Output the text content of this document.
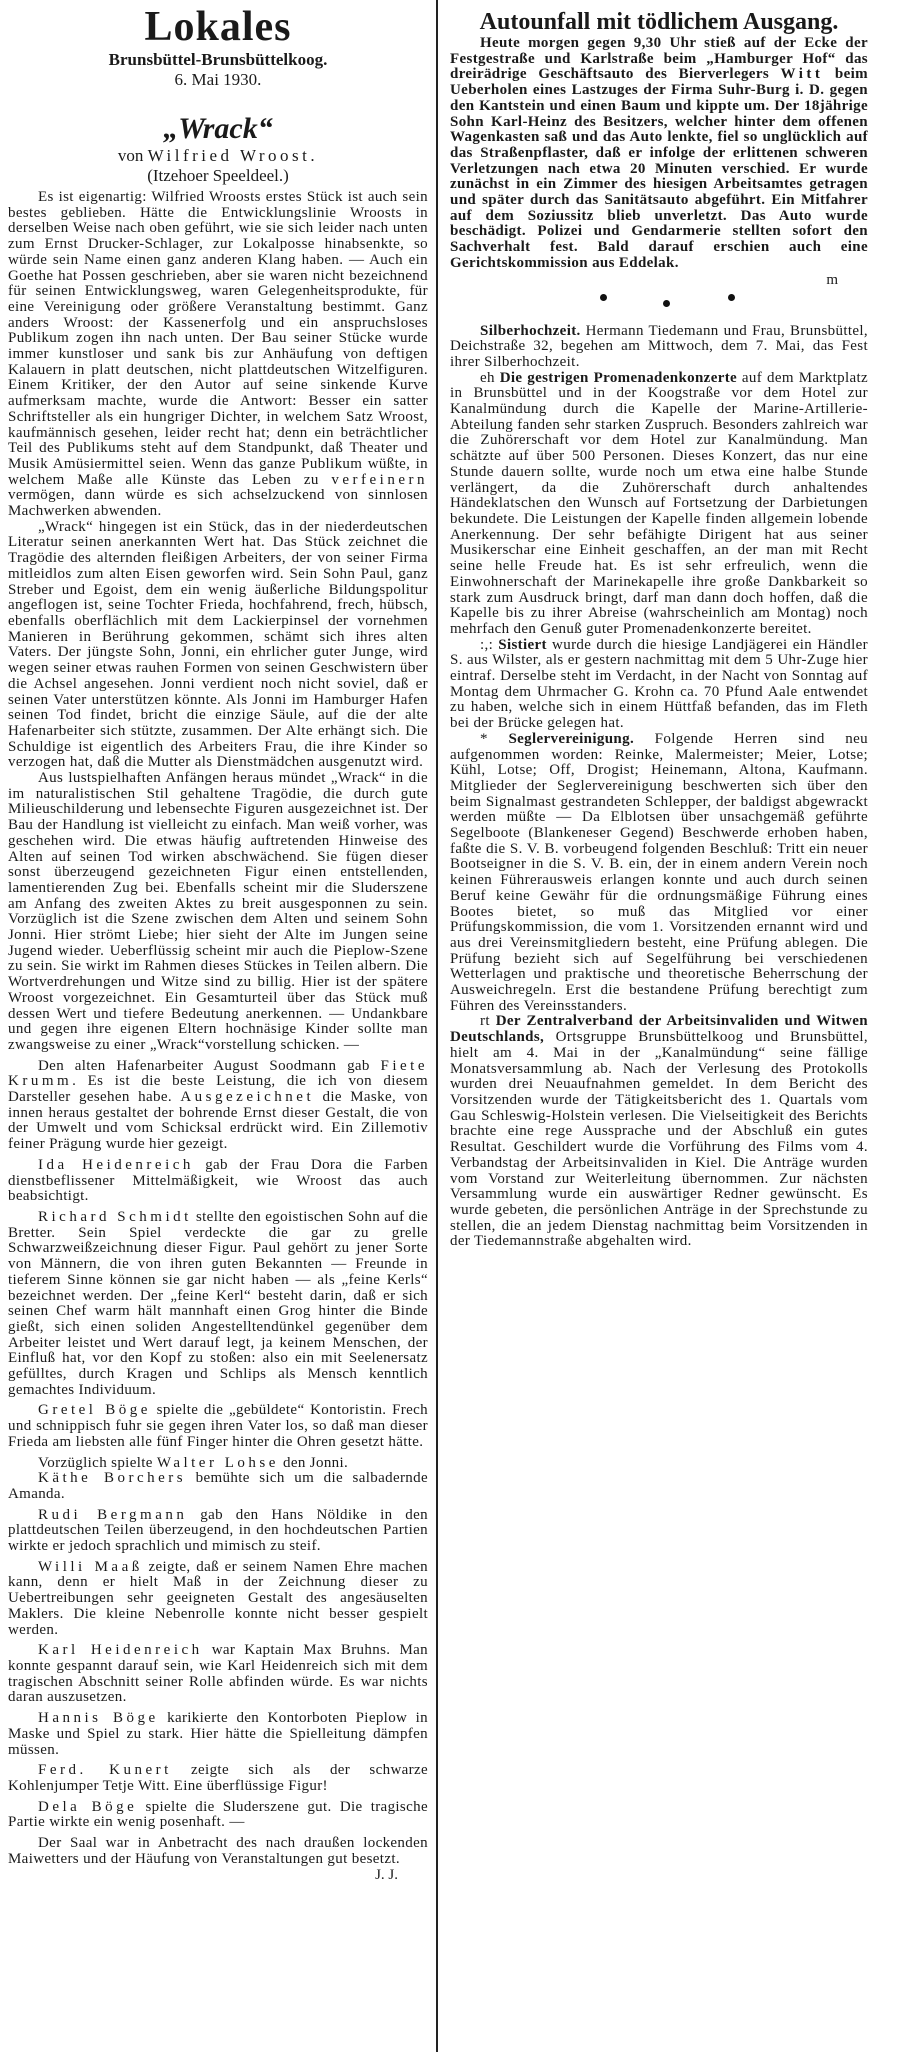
Lokales
Brunsbüttel-Brunsbüttelkoog.
6. Mai 1930.
„Wrack“
von Wilfried Wroost.
(Itzehoer Speeldeel.)

Es ist eigenartig: Wilfried Wroosts erstes Stück ist auch sein bestes geblieben. Hätte die Entwicklungslinie Wroosts in derselben Weise nach oben geführt, wie sie sich leider nach unten zum Ernst Drucker-Schlager, zur Lokalposse hinabsenkte, so würde sein Name einen ganz anderen Klang haben. — Auch ein Goethe hat Possen geschrieben, aber sie waren nicht bezeichnend für seinen Entwicklungsweg, waren Gelegenheitsprodukte, für eine Vereinigung oder größere Veranstaltung bestimmt. Ganz anders Wroost: der Kassenerfolg und ein anspruchsloses Publikum zogen ihn nach unten. Der Bau seiner Stücke wurde immer kunstloser und sank bis zur Anhäufung von deftigen Kalauern in platt deutschen, nicht plattdeutschen Witzelfiguren. Einem Kritiker, der den Autor auf seine sinkende Kurve aufmerksam machte, wurde die Antwort: Besser ein satter Schriftsteller als ein hungriger Dichter, in welchem Satz Wroost, kaufmännisch gesehen, leider recht hat; denn ein beträchtlicher Teil des Publikums steht auf dem Standpunkt, daß Theater und Musik Amüsiermittel seien. Wenn das ganze Publikum wüßte, in welchem Maße alle Künste das Leben zu verfeinern vermögen, dann würde es sich achselzuckend von sinnlosen Machwerken abwenden.

„Wrack“ hingegen ist ein Stück, das in der niederdeutschen Literatur seinen anerkannten Wert hat. Das Stück zeichnet die Tragödie des alternden fleißigen Arbeiters, der von seiner Firma mitleidlos zum alten Eisen geworfen wird. Sein Sohn Paul, ganz Streber und Egoist, dem ein wenig äußerliche Bildungspolitur angeflogen ist, seine Tochter Frieda, hochfahrend, frech, hübsch, ebenfalls oberflächlich mit dem Lackierpinsel der vornehmen Manieren in Berührung gekommen, schämt sich ihres alten Vaters. Der jüngste Sohn, Jonni, ein ehrlicher guter Junge, wird wegen seiner etwas rauhen Formen von seinen Geschwistern über die Achsel angesehen. Jonni verdient noch nicht soviel, daß er seinen Vater unterstützen könnte. Als Jonni im Hamburger Hafen seinen Tod findet, bricht die einzige Säule, auf die der alte Hafenarbeiter sich stützte, zusammen. Der Alte erhängt sich. Die Schuldige ist eigentlich des Arbeiters Frau, die ihre Kinder so verzogen hat, daß die Mutter als Dienstmädchen ausgenutzt wird.

Aus lustspielhaften Anfängen heraus mündet „Wrack“ in die im naturalistischen Stil gehaltene Tragödie, die durch gute Milieuschilderung und lebensechte Figuren ausgezeichnet ist. Der Bau der Handlung ist vielleicht zu einfach. Man weiß vorher, was geschehen wird. Die etwas häufig auftretenden Hinweise des Alten auf seinen Tod wirken abschwächend. Sie fügen dieser sonst überzeugend gezeichneten Figur einen entstellenden, lamentierenden Zug bei. Ebenfalls scheint mir die Sluderszene am Anfang des zweiten Aktes zu breit ausgesponnen zu sein. Vorzüglich ist die Szene zwischen dem Alten und seinem Sohn Jonni. Hier strömt Liebe; hier sieht der Alte im Jungen seine Jugend wieder. Ueberflüssig scheint mir auch die Pieplow-Szene zu sein. Sie wirkt im Rahmen dieses Stückes in Teilen albern. Die Wortverdrehungen und Witze sind zu billig. Hier ist der spätere Wroost vorgezeichnet. Ein Gesamturteil über das Stück muß dessen Wert und tiefere Bedeutung anerkennen. — Undankbare und gegen ihre eigenen Eltern hochnäsige Kinder sollte man zwangsweise zu einer „Wrack“vorstellung schicken. —

Den alten Hafenarbeiter August Soodmann gab Fiete Krumm. Es ist die beste Leistung, die ich von diesem Darsteller gesehen habe. Ausgezeichnet die Maske, von innen heraus gestaltet der bohrende Ernst dieser Gestalt, die von der Umwelt und vom Schicksal erdrückt wird. Ein Zillemotiv feiner Prägung wurde hier gezeigt.

Ida Heidenreich gab der Frau Dora die Farben dienstbeflissener Mittelmäßigkeit, wie Wroost das auch beabsichtigt.

Richard Schmidt stellte den egoistischen Sohn auf die Bretter. Sein Spiel verdeckte die gar zu grelle Schwarzweißzeichnung dieser Figur. Paul gehört zu jener Sorte von Männern, die von ihren guten Bekannten — Freunde in tieferem Sinne können sie gar nicht haben — als „feine Kerls“ bezeichnet werden. Der „feine Kerl“ besteht darin, daß er sich seinen Chef warm hält mannhaft einen Grog hinter die Binde gießt, sich einen soliden Angestelltendünkel gegenüber dem Arbeiter leistet und Wert darauf legt, ja keinem Menschen, der Einfluß hat, vor den Kopf zu stoßen: also ein mit Seelenersatz gefülltes, durch Kragen und Schlips als Mensch kenntlich gemachtes Individuum.

Gretel Böge spielte die „gebüldete“ Kontoristin. Frech und schnippisch fuhr sie gegen ihren Vater los, so daß man dieser Frieda am liebsten alle fünf Finger hinter die Ohren gesetzt hätte.

Vorzüglich spielte Walter Lohse den Jonni.

Käthe Borchers bemühte sich um die salbadernde Amanda.

Rudi Bergmann gab den Hans Nöldike in den plattdeutschen Teilen überzeugend, in den hochdeutschen Partien wirkte er jedoch sprachlich und mimisch zu steif.

Willi Maaß zeigte, daß er seinem Namen Ehre machen kann, denn er hielt Maß in der Zeichnung dieser zu Uebertreibungen sehr geeigneten Gestalt des angesäuselten Maklers. Die kleine Nebenrolle konnte nicht besser gespielt werden.

Karl Heidenreich war Kaptain Max Bruhns. Man konnte gespannt darauf sein, wie Karl Heidenreich sich mit dem tragischen Abschnitt seiner Rolle abfinden würde. Es war nichts daran auszusetzen.

Hannis Böge karikierte den Kontorboten Pieplow in Maske und Spiel zu stark. Hier hätte die Spielleitung dämpfen müssen.

Ferd. Kunert zeigte sich als der schwarze Kohlenjumper Tetje Witt. Eine überflüssige Figur!

Dela Böge spielte die Sluderszene gut. Die tragische Partie wirkte ein wenig posenhaft. —

Der Saal war in Anbetracht des nach draußen lockenden Maiwetters und der Häufung von Veranstaltungen gut besetzt.

J. J.
Autounfall mit tödlichem Ausgang.

Heute morgen gegen 9,30 Uhr stieß auf der Ecke der Festgestraße und Karlstraße beim „Hamburger Hof“ das dreirädrige Geschäftsauto des Bierverlegers Witt beim Ueberholen eines Lastzuges der Firma Suhr-Burg i. D. gegen den Kantstein und einen Baum und kippte um. Der 18jährige Sohn Karl-Heinz des Besitzers, welcher hinter dem offenen Wagenkasten saß und das Auto lenkte, fiel so unglücklich auf das Straßenpflaster, daß er infolge der erlittenen schweren Verletzungen nach etwa 20 Minuten verschied. Er wurde zunächst in ein Zimmer des hiesigen Arbeitsamtes getragen und später durch das Sanitätsauto abgeführt. Ein Mitfahrer auf dem Soziussitz blieb unverletzt. Das Auto wurde beschädigt. Polizei und Gendarmerie stellten sofort den Sachverhalt fest. Bald darauf erschien auch eine Gerichtskommission aus Eddelak.

m

Silberhochzeit. Hermann Tiedemann und Frau, Brunsbüttel, Deichstraße 32, begehen am Mittwoch, dem 7. Mai, das Fest ihrer Silberhochzeit.

eh Die gestrigen Promenadenkonzerte auf dem Marktplatz in Brunsbüttel und in der Koogstraße vor dem Hotel zur Kanalmündung durch die Kapelle der Marine-Artillerie-Abteilung fanden sehr starken Zuspruch. Besonders zahlreich war die Zuhörerschaft vor dem Hotel zur Kanalmündung. Man schätzte auf über 500 Personen. Dieses Konzert, das nur eine Stunde dauern sollte, wurde noch um etwa eine halbe Stunde verlängert, da die Zuhörerschaft durch anhaltendes Händeklatschen den Wunsch auf Fortsetzung der Darbietungen bekundete. Die Leistungen der Kapelle finden allgemein lobende Anerkennung. Der sehr befähigte Dirigent hat aus seiner Musikerschar eine Einheit geschaffen, an der man mit Recht seine helle Freude hat. Es ist sehr erfreulich, wenn die Einwohnerschaft der Marinekapelle ihre große Dankbarkeit so stark zum Ausdruck bringt, darf man dann doch hoffen, daß die Kapelle bis zu ihrer Abreise (wahrscheinlich am Montag) noch mehrfach den Genuß guter Promenadenkonzerte bereitet.

:,: Sistiert wurde durch die hiesige Landjägerei ein Händler S. aus Wilster, als er gestern nachmittag mit dem 5 Uhr-Zuge hier eintraf. Derselbe steht im Verdacht, in der Nacht von Sonntag auf Montag dem Uhrmacher G. Krohn ca. 70 Pfund Aale entwendet zu haben, welche sich in einem Hüttfaß befanden, das im Fleth bei der Brücke gelegen hat.

* Seglervereinigung. Folgende Herren sind neu aufgenommen worden: Reinke, Malermeister; Meier, Lotse; Kühl, Lotse; Off, Drogist; Heinemann, Altona, Kaufmann. Mitglieder der Seglervereinigung beschwerten sich über den beim Signalmast gestrandeten Schlepper, der baldigst abgewrackt werden müßte — Da Elblotsen über unsachgemäß geführte Segelboote (Blankeneser Gegend) Beschwerde erhoben haben, faßte die S. V. B. vorbeugend folgenden Beschluß: Tritt ein neuer Bootseigner in die S. V. B. ein, der in einem andern Verein noch keinen Führerausweis erlangen konnte und auch durch seinen Beruf keine Gewähr für die ordnungsmäßige Führung eines Bootes bietet, so muß das Mitglied vor einer Prüfungskommission, die vom 1. Vorsitzenden ernannt wird und aus drei Vereinsmitgliedern besteht, eine Prüfung ablegen. Die Prüfung bezieht sich auf Segelführung bei verschiedenen Wetterlagen und praktische und theoretische Beherrschung der Ausweichregeln. Erst die bestandene Prüfung berechtigt zum Führen des Vereinsstanders.

rt Der Zentralverband der Arbeitsinvaliden und Witwen Deutschlands, Ortsgruppe Brunsbüttelkoog und Brunsbüttel, hielt am 4. Mai in der „Kanalmündung“ seine fällige Monatsversammlung ab. Nach der Verlesung des Protokolls wurden drei Neuaufnahmen gemeldet. In dem Bericht des Vorsitzenden wurde der Tätigkeitsbericht des 1. Quartals vom Gau Schleswig-Holstein verlesen. Die Vielseitigkeit des Berichts brachte eine rege Aussprache und der Abschluß ein gutes Resultat. Geschildert wurde die Vorführung des Films vom 4. Verbandstag der Arbeitsinvaliden in Kiel. Die Anträge wurden vom Vorstand zur Weiterleitung übernommen. Zur nächsten Versammlung wurde ein auswärtiger Redner gewünscht. Es wurde gebeten, die persönlichen Anträge in der Sprechstunde zu stellen, die an jedem Dienstag nachmittag beim Vorsitzenden in der Tiedemannstraße abgehalten wird.
